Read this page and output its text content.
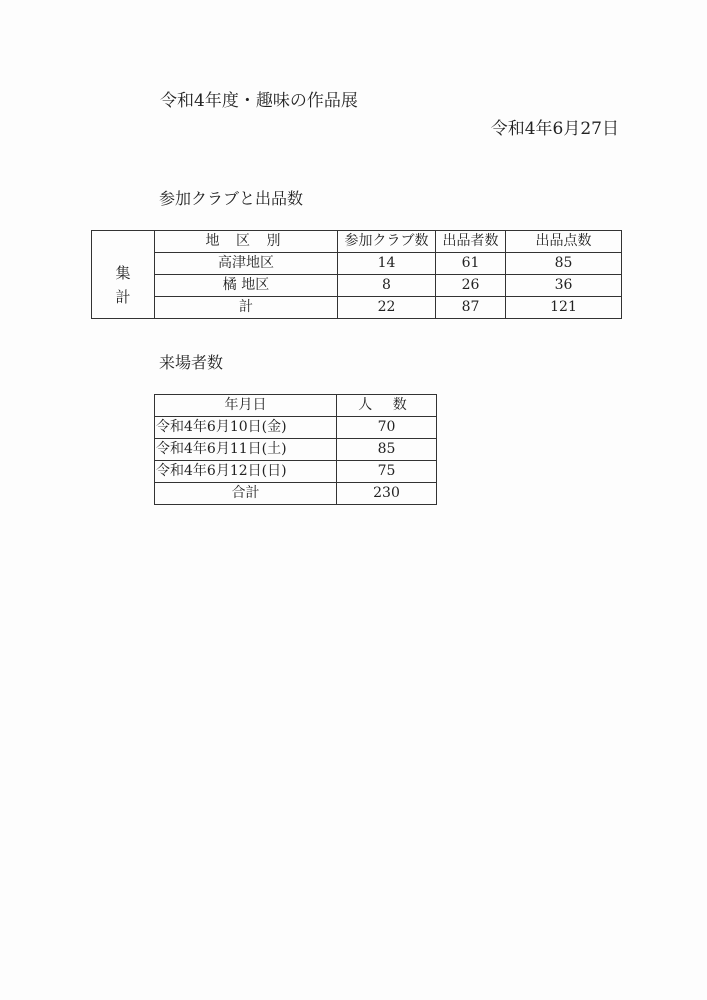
令和4年度・趣味の作品展
令和4年6月27日
参加クラブと出品数
集
計	地 区 別	参加クラブ数	出品者数	出品点数
	高津地区	14	61	85
	橘 地区	8	26	36
	計	22	87	121
来場者数
年月日	人 数
令和4年6月10日(金)	70
令和4年6月11日(土)	85
令和4年6月12日(日)	75
合計	230
